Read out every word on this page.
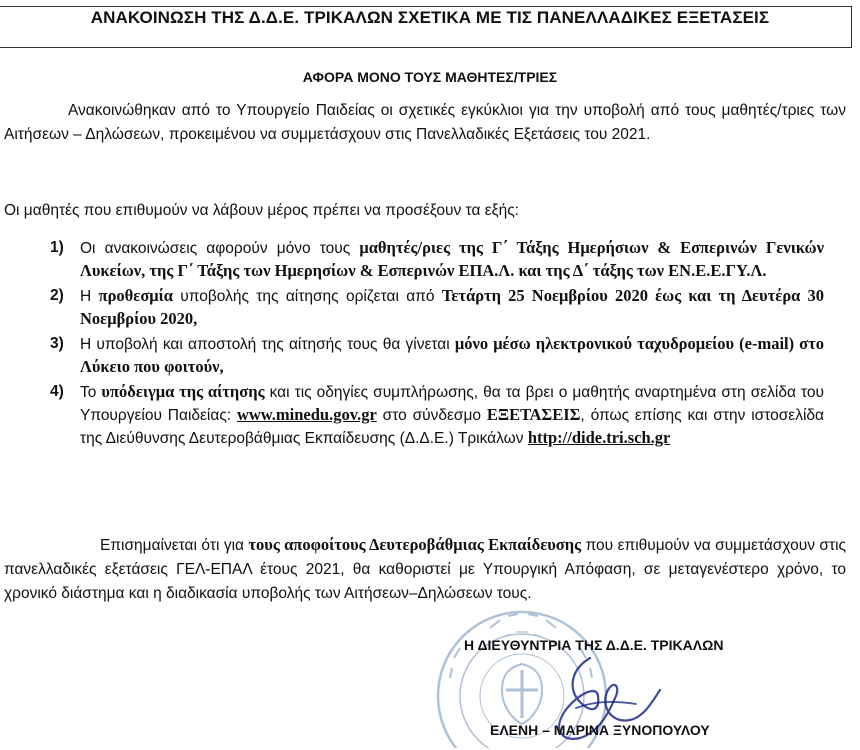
ΑΝΑΚΟΙΝΩΣΗ ΤΗΣ Δ.Δ.Ε. ΤΡΙΚΑΛΩΝ ΣΧΕΤΙΚΑ ΜΕ ΤΙΣ ΠΑΝΕΛΛΑΔΙΚΕΣ ΕΞΕΤΑΣΕΙΣ
ΑΦΟΡΑ ΜΟΝΟ ΤΟΥΣ ΜΑΘΗΤΕΣ/ΤΡΙΕΣ
Ανακοινώθηκαν από το Υπουργείο Παιδείας οι σχετικές εγκύκλιοι για την υποβολή από τους μαθητές/τριες των Αιτήσεων – Δηλώσεων, προκειμένου να συμμετάσχουν στις Πανελλαδικές Εξετάσεις του 2021.
Οι μαθητές που επιθυμούν να λάβουν μέρος πρέπει να προσέξουν τα εξής:
1) Οι ανακοινώσεις αφορούν μόνο τους μαθητές/ριες της Γ΄ Τάξης Ημερήσιων & Εσπερινών Γενικών Λυκείων, της Γ΄ Τάξης των Ημερησίων & Εσπερινών ΕΠΑ.Λ. και της Δ΄ τάξης των ΕΝ.Ε.Ε.ΓΥ.Λ.
2) Η προθεσμία υποβολής της αίτησης ορίζεται από Τετάρτη 25 Νοεμβρίου 2020 έως και τη Δευτέρα 30 Νοεμβρίου 2020,
3) Η υποβολή και αποστολή της αίτησής τους θα γίνεται μόνο μέσω ηλεκτρονικού ταχυδρομείου (e-mail) στο Λύκειο που φοιτούν,
4) Το υπόδειγμα της αίτησης και τις οδηγίες συμπλήρωσης, θα τα βρει ο μαθητής αναρτημένα στη σελίδα του Υπουργείου Παιδείας: www.minedu.gov.gr στο σύνδεσμο ΕΞΕΤΑΣΕΙΣ, όπως επίσης και στην ιστοσελίδα της Διεύθυνσης Δευτεροβάθμιας Εκπαίδευσης (Δ.Δ.Ε.) Τρικάλων http://dide.tri.sch.gr
Επισημαίνεται ότι για τους αποφοίτους Δευτεροβάθμιας Εκπαίδευσης που επιθυμούν να συμμετάσχουν στις πανελλαδικές εξετάσεις ΓΕΛ-ΕΠΑΛ έτους 2021, θα καθοριστεί με Υπουργική Απόφαση, σε μεταγενέστερο χρόνο, το χρονικό διάστημα και η διαδικασία υποβολής των Αιτήσεων–Δηλώσεων τους.
Η ΔΙΕΥΘΥΝΤΡΙΑ ΤΗΣ Δ.Δ.Ε. ΤΡΙΚΑΛΩΝ
ΕΛΕΝΗ – ΜΑΡΙΝΑ ΞΥΝΟΠΟΥΛΟΥ
